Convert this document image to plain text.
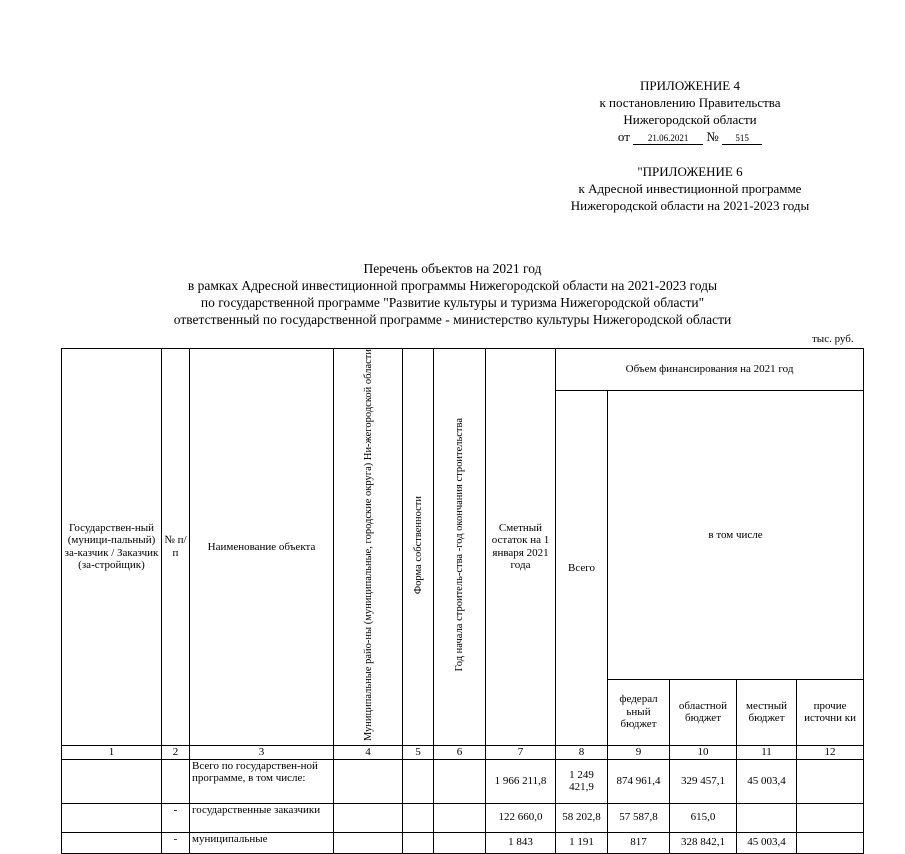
ПРИЛОЖЕНИЕ 4
к постановлению Правительства
Нижегородской области
от 21.06.2021 № 515
"ПРИЛОЖЕНИЕ 6
к Адресной инвестиционной программе
Нижегородской области на 2021-2023 годы
Перечень объектов на 2021 год
в рамках Адресной инвестиционной программы Нижегородской области на 2021-2023 годы
по государственной программе "Развитие культуры и туризма Нижегородской области"
ответственный по государственной программе - министерство культуры Нижегородской области
тыс. руб.
Государствен-ный (муници-пальный) за-казчик / Заказчик (за-стройщик)	№ п/п	Наименование объекта	Муниципальные райо-ны (муниципальные, городские округа) Ни-жегородской области	Форма собственности	Год начала строитель-ства -год окончания строительства	Сметный остаток на 1 января 2021 года	Объем финансирования на 2021 год				
							Всего	в том числе			
								федерал ьный бюджет	областной бюджет	местный бюджет	прочие источни ки
1	2	3	4	5	6	7	8	9	10	11	12
		Всего по государствен-ной программе, в том числе:				1 966 211,8	1 249 421,9	874 961,4	329 457,1	45 003,4	
	-	государственные заказчики				122 660,0	58 202,8	57 587,8	615,0		
	-	муниципальные				1 843	1 191	817	328 842,1	45 003,4	
